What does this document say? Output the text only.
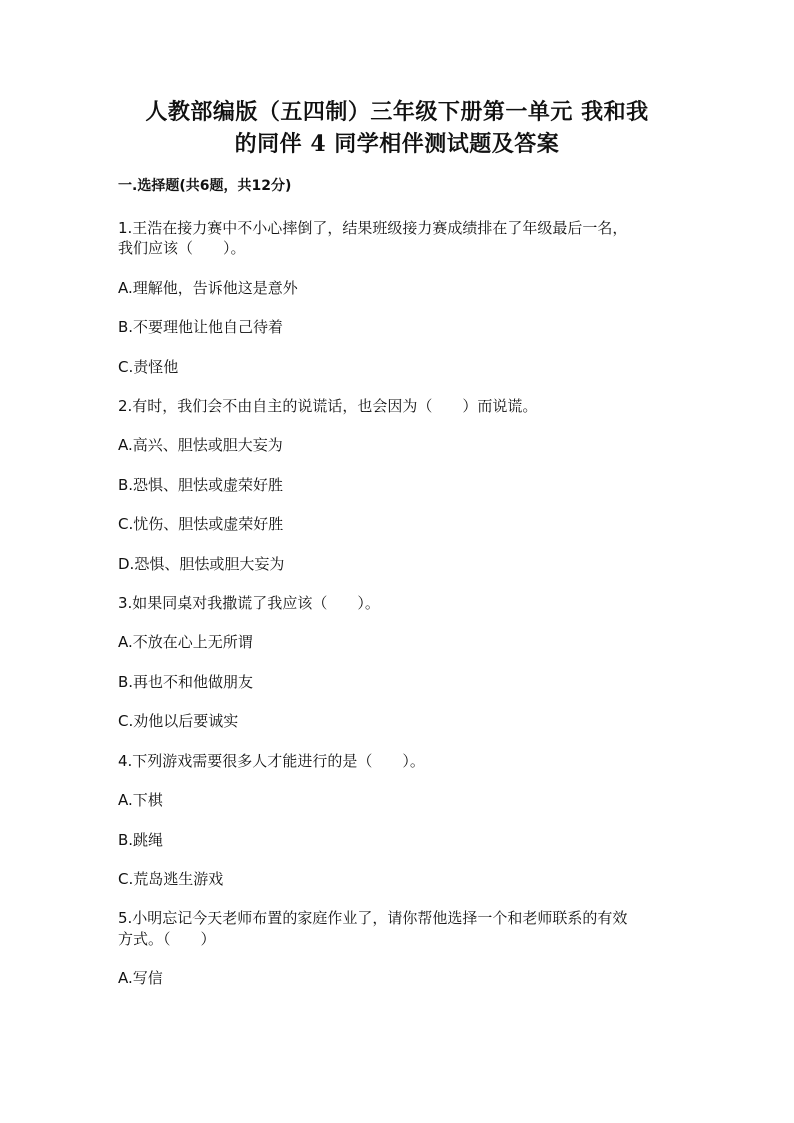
人教部编版（五四制）三年级下册第一单元 我和我
的同伴 4 同学相伴测试题及答案
一.选择题(共6题，共12分)
1.王浩在接力赛中不小心摔倒了，结果班级接力赛成绩排在了年级最后一名，
我们应该（　　）。
A.理解他，告诉他这是意外
B.不要理他让他自己待着
C.责怪他
2.有时，我们会不由自主的说谎话，也会因为（　　）而说谎。
A.高兴、胆怯或胆大妄为
B.恐惧、胆怯或虚荣好胜
C.忧伤、胆怯或虚荣好胜
D.恐惧、胆怯或胆大妄为
3.如果同桌对我撒谎了我应该（　　）。
A.不放在心上无所谓
B.再也不和他做朋友
C.劝他以后要诚实
4.下列游戏需要很多人才能进行的是（　　）。
A.下棋
B.跳绳
C.荒岛逃生游戏
5.小明忘记今天老师布置的家庭作业了，请你帮他选择一个和老师联系的有效
方式。（　　）
A.写信
